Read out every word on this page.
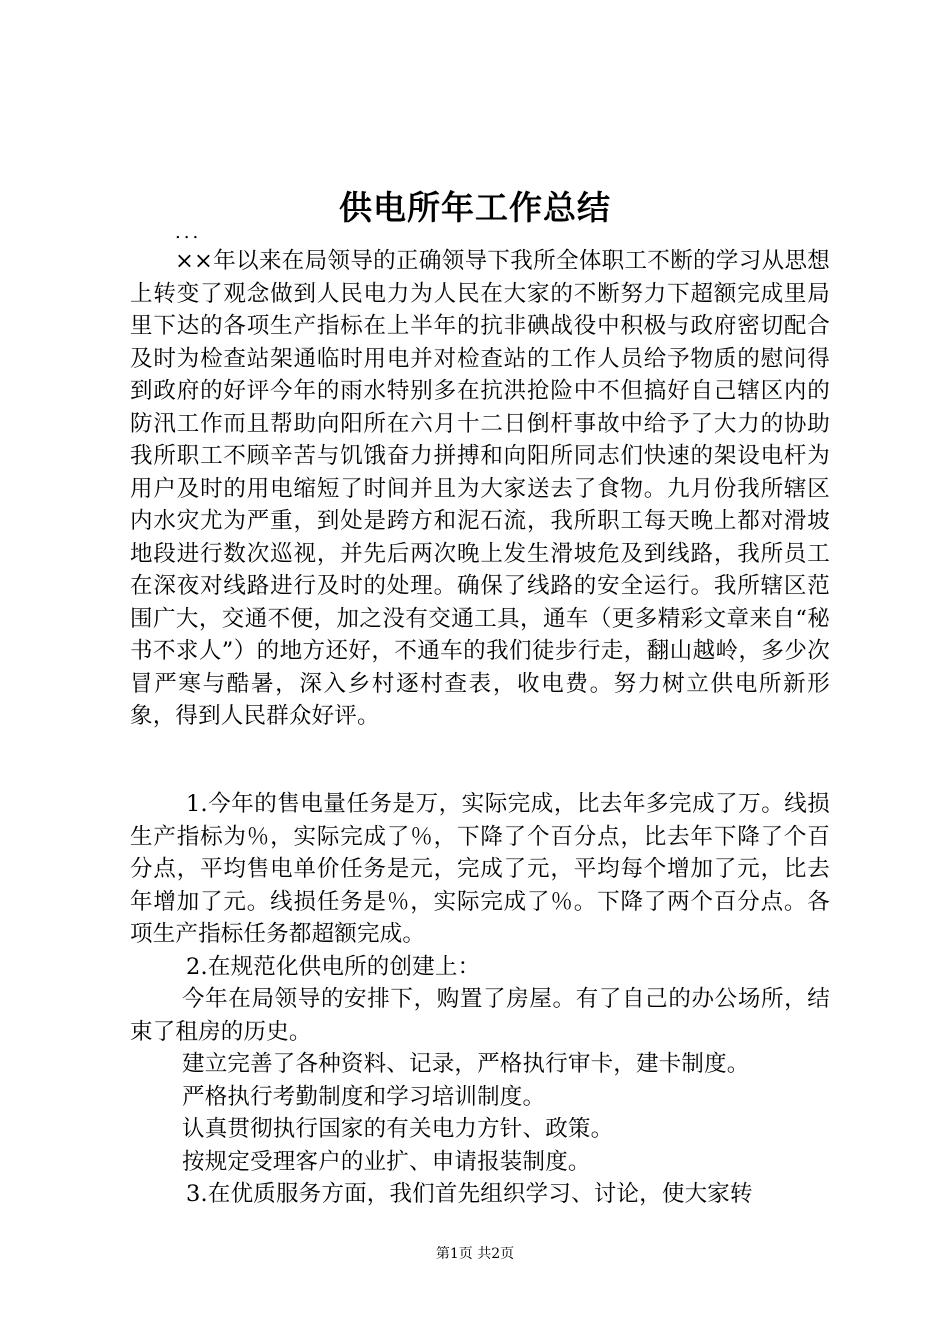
供电所年工作总结
...

××年以来在局领导的正确领导下我所全体职工不断的学习从思想上转变了观念做到人民电力为人民在大家的不断努力下超额完成里局里下达的各项生产指标在上半年的抗非碘战役中积极与政府密切配合及时为检查站架通临时用电并对检查站的工作人员给予物质的慰问得到政府的好评今年的雨水特别多在抗洪抢险中不但搞好自己辖区内的防汛工作而且帮助向阳所在六月十二日倒杆事故中给予了大力的协助我所职工不顾辛苦与饥饿奋力拼搏和向阳所同志们快速的架设电杆为用户及时的用电缩短了时间并且为大家送去了食物。九月份我所辖区内水灾尤为严重，到处是跨方和泥石流，我所职工每天晚上都对滑坡地段进行数次巡视，并先后两次晚上发生滑坡危及到线路，我所员工在深夜对线路进行及时的处理。确保了线路的安全运行。我所辖区范围广大，交通不便，加之没有交通工具，通车（更多精彩文章来自“秘书不求人”）的地方还好，不通车的我们徒步行走，翻山越岭，多少次冒严寒与酷暑，深入乡村逐村查表，收电费。努力树立供电所新形象，得到人民群众好评。

1.今年的售电量任务是万，实际完成，比去年多完成了万。线损生产指标为％，实际完成了％，下降了个百分点，比去年下降了个百分点，平均售电单价任务是元，完成了元，平均每个增加了元，比去年增加了元。线损任务是％，实际完成了％。下降了两个百分点。各项生产指标任务都超额完成。

2.在规范化供电所的创建上：

今年在局领导的安排下，购置了房屋。有了自己的办公场所，结束了租房的历史。

建立完善了各种资料、记录，严格执行审卡，建卡制度。

严格执行考勤制度和学习培训制度。

认真贯彻执行国家的有关电力方针、政策。

按规定受理客户的业扩、申请报装制度。

3.在优质服务方面，我们首先组织学习、讨论，使大家转

第1页 共2页
